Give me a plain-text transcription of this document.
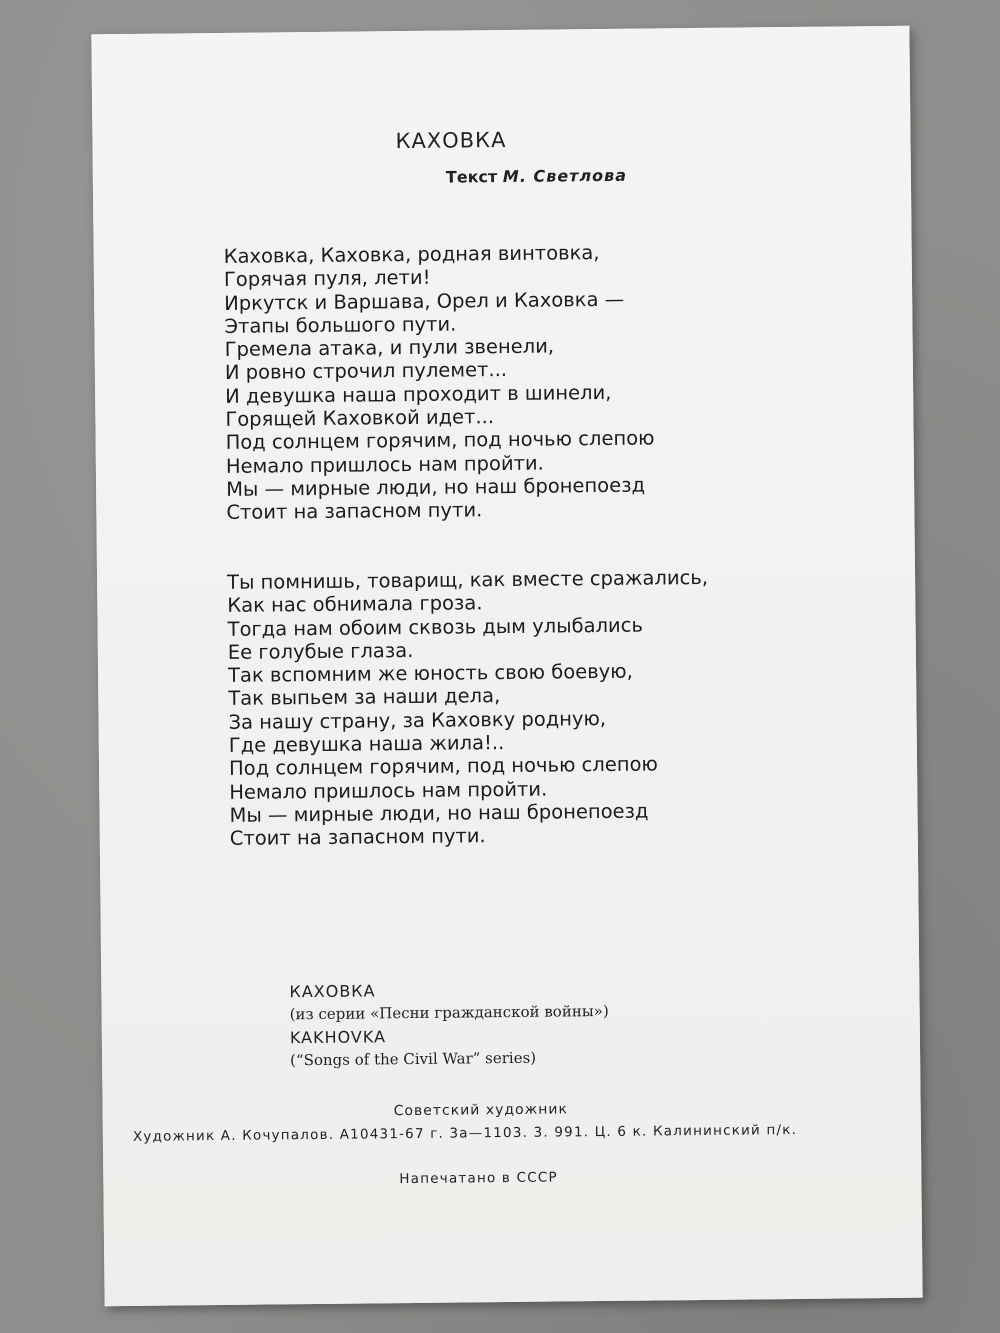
КАХОВКА
Текст М. Светлова
Каховка, Каховка, родная винтовка,
Горячая пуля, лети!
Иркутск и Варшава, Орел и Каховка —
Этапы большого пути.
Гремела атака, и пули звенели,
И ровно строчил пулемет...
И девушка наша проходит в шинели,
Горящей Каховкой идет...
Под солнцем горячим, под ночью слепою
Немало пришлось нам пройти.
Мы — мирные люди, но наш бронепоезд
Стоит на запасном пути.
Ты помнишь, товарищ, как вместе сражались,
Как нас обнимала гроза.
Тогда нам обоим сквозь дым улыбались
Ее голубые глаза.
Так вспомним же юность свою боевую,
Так выпьем за наши дела,
За нашу страну, за Каховку родную,
Где девушка наша жила!..
Под солнцем горячим, под ночью слепою
Немало пришлось нам пройти.
Мы — мирные люди, но наш бронепоезд
Стоит на запасном пути.
КАХОВКА
(из серии «Песни гражданской войны»)
KAKHOVKA
(“Songs of the Civil War” series)
Советский художник
Художник А. Кочупалов. А10431-67 г. 3а—1103. 3. 991. Ц. 6 к. Калининский п/к.
Напечатано в СССР
